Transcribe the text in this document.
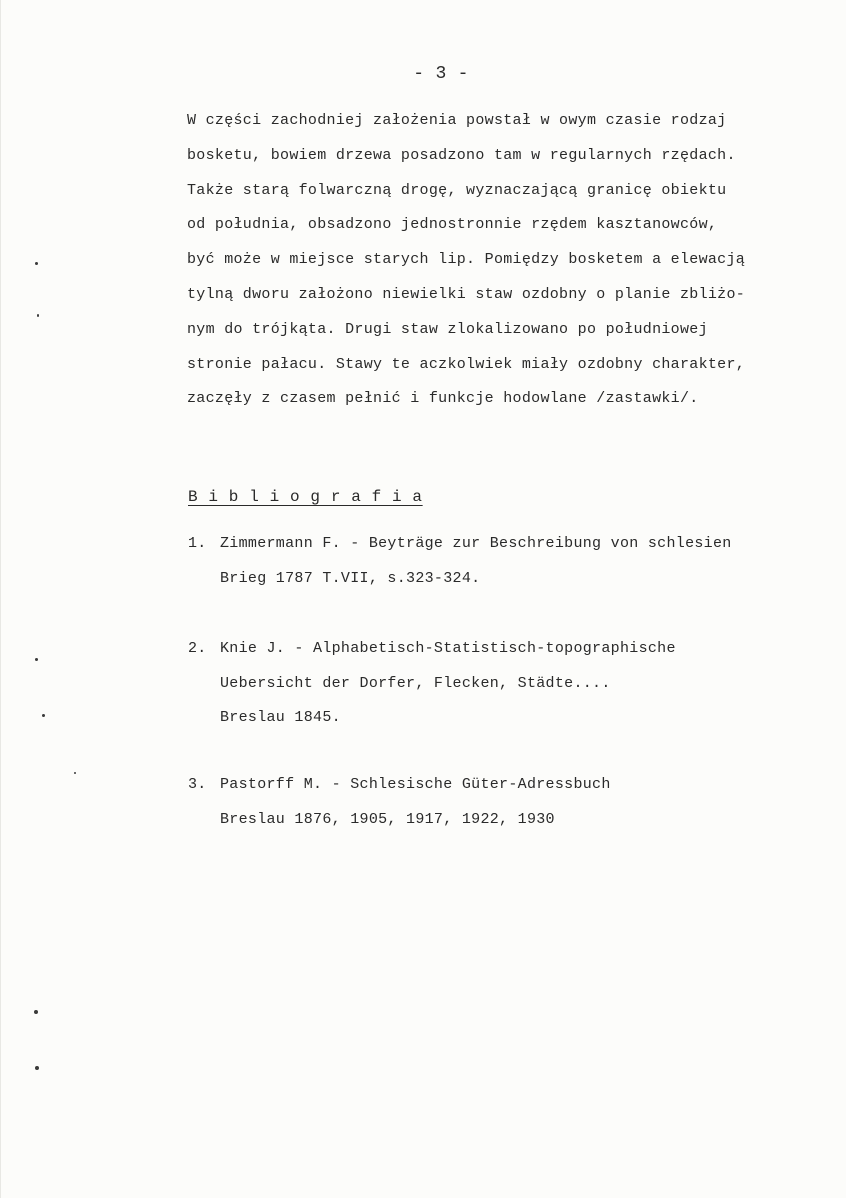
- 3 -
W części zachodniej założenia powstał w owym czasie rodzaj
bosketu, bowiem drzewa posadzono tam w regularnych rzędach.
Także starą folwarczną drogę, wyznaczającą granicę obiektu
od południa, obsadzono jednostronnie rzędem kasztanowców,
być może w miejsce starych lip. Pomiędzy bosketem a elewacją
tylną dworu założono niewielki staw ozdobny o planie zbliżo-
nym do trójkąta. Drugi staw zlokalizowano po południowej
stronie pałacu. Stawy te aczkolwiek miały ozdobny charakter,
zaczęły z czasem pełnić i funkcje hodowlane /zastawki/.
B i b l i o g r a f i a
1. Zimmermann F. - Beyträge zur Beschreibung von schlesien
Brieg 1787 T.VII, s.323-324.
2. Knie J. - Alphabetisch-Statistisch-topographische
Uebersicht der Dorfer, Flecken, Städte....
Breslau 1845.
3. Pastorff M. - Schlesische Güter-Adressbuch
Breslau 1876, 1905, 1917, 1922, 1930
